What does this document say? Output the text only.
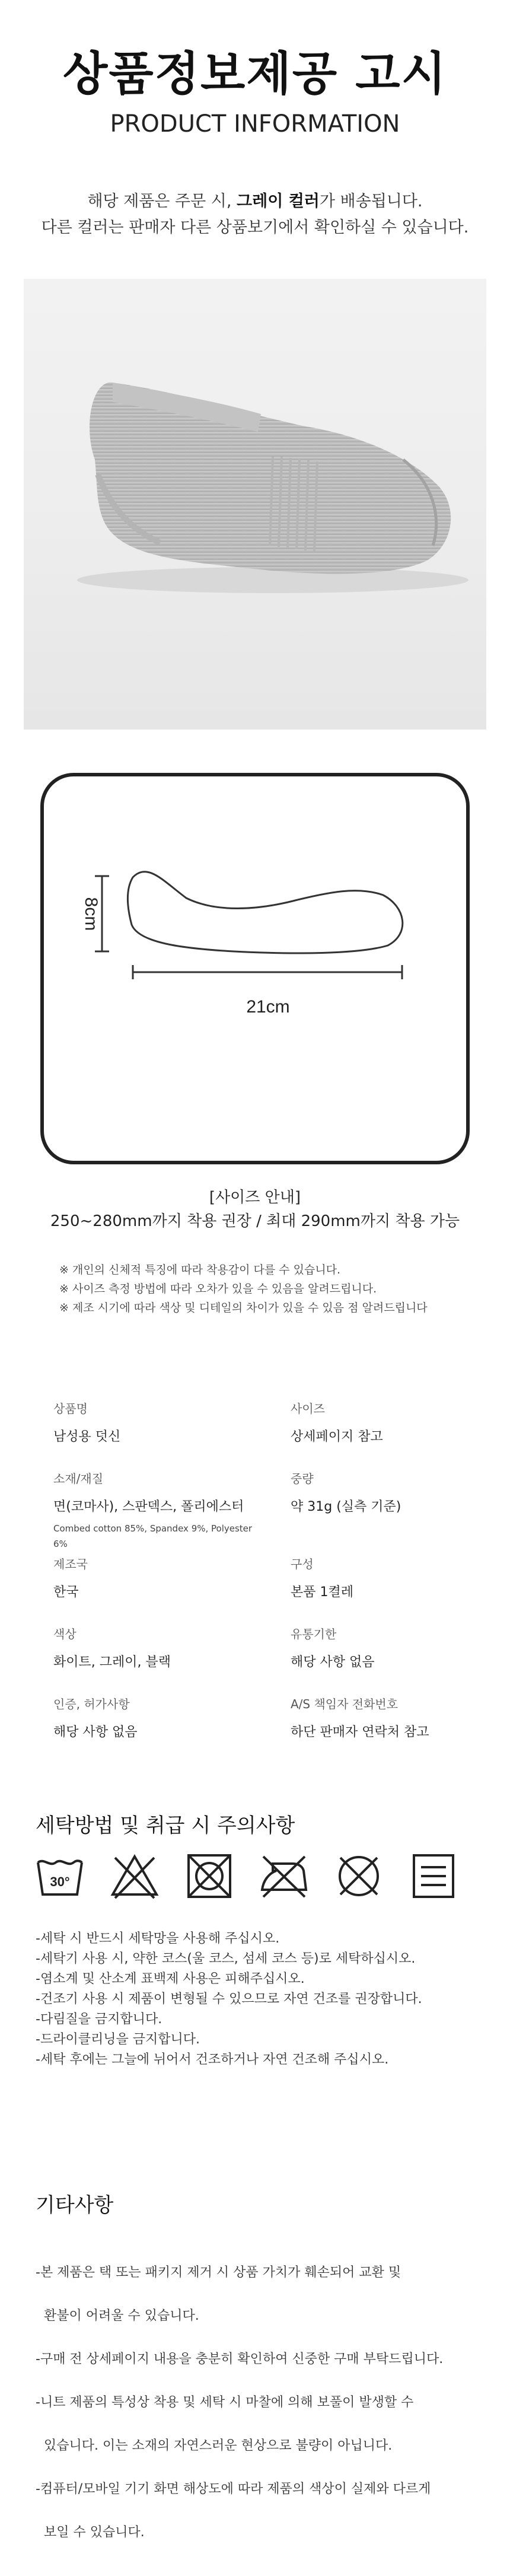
상품정보제공 고시
PRODUCT INFORMATION
해당 제품은 주문 시, 그레이 컬러가 배송됩니다.
다른 컬러는 판매자 다른 상품보기에서 확인하실 수 있습니다.
8cm
21cm
[사이즈 안내]
250~280mm까지 착용 권장 / 최대 290mm까지 착용 가능
※ 개인의 신체적 특징에 따라 착용감이 다를 수 있습니다.
※ 사이즈 측정 방법에 따라 오차가 있을 수 있음을 알려드립니다.
※ 제조 시기에 따라 색상 및 디테일의 차이가 있을 수 있음 점 알려드립니다
상품명
남성용 덧신
사이즈
상세페이지 참고
소재/재질
면(코마사), 스판덱스, 폴리에스터
Combed cotton 85%, Spandex 9%, Polyester 6%
중량
약 31g (실측 기준)
제조국
한국
구성
본품 1켤레
색상
화이트, 그레이, 블랙
유통기한
해당 사항 없음
인증, 허가사항
해당 사항 없음
A/S 책임자 전화번호
하단 판매자 연락처 참고
세탁방법 및 취급 시 주의사항
30°
-세탁 시 반드시 세탁망을 사용해 주십시오.
-세탁기 사용 시, 약한 코스(울 코스, 섬세 코스 등)로 세탁하십시오.
-염소계 및 산소계 표백제 사용은 피해주십시오.
-건조기 사용 시 제품이 변형될 수 있으므로 자연 건조를 권장합니다.
-다림질을 금지합니다.
-드라이클리닝을 금지합니다.
-세탁 후에는 그늘에 뉘어서 건조하거나 자연 건조해 주십시오.
기타사항

-본 제품은 택 또는 패키지 제거 시 상품 가치가 훼손되어 교환 및

환불이 어려울 수 있습니다.

-구매 전 상세페이지 내용을 충분히 확인하여 신중한 구매 부탁드립니다.

-니트 제품의 특성상 착용 및 세탁 시 마찰에 의해 보풀이 발생할 수

있습니다. 이는 소재의 자연스러운 현상으로 불량이 아닙니다.

-컴퓨터/모바일 기기 화면 해상도에 따라 제품의 색상이 실제와 다르게

보일 수 있습니다.
